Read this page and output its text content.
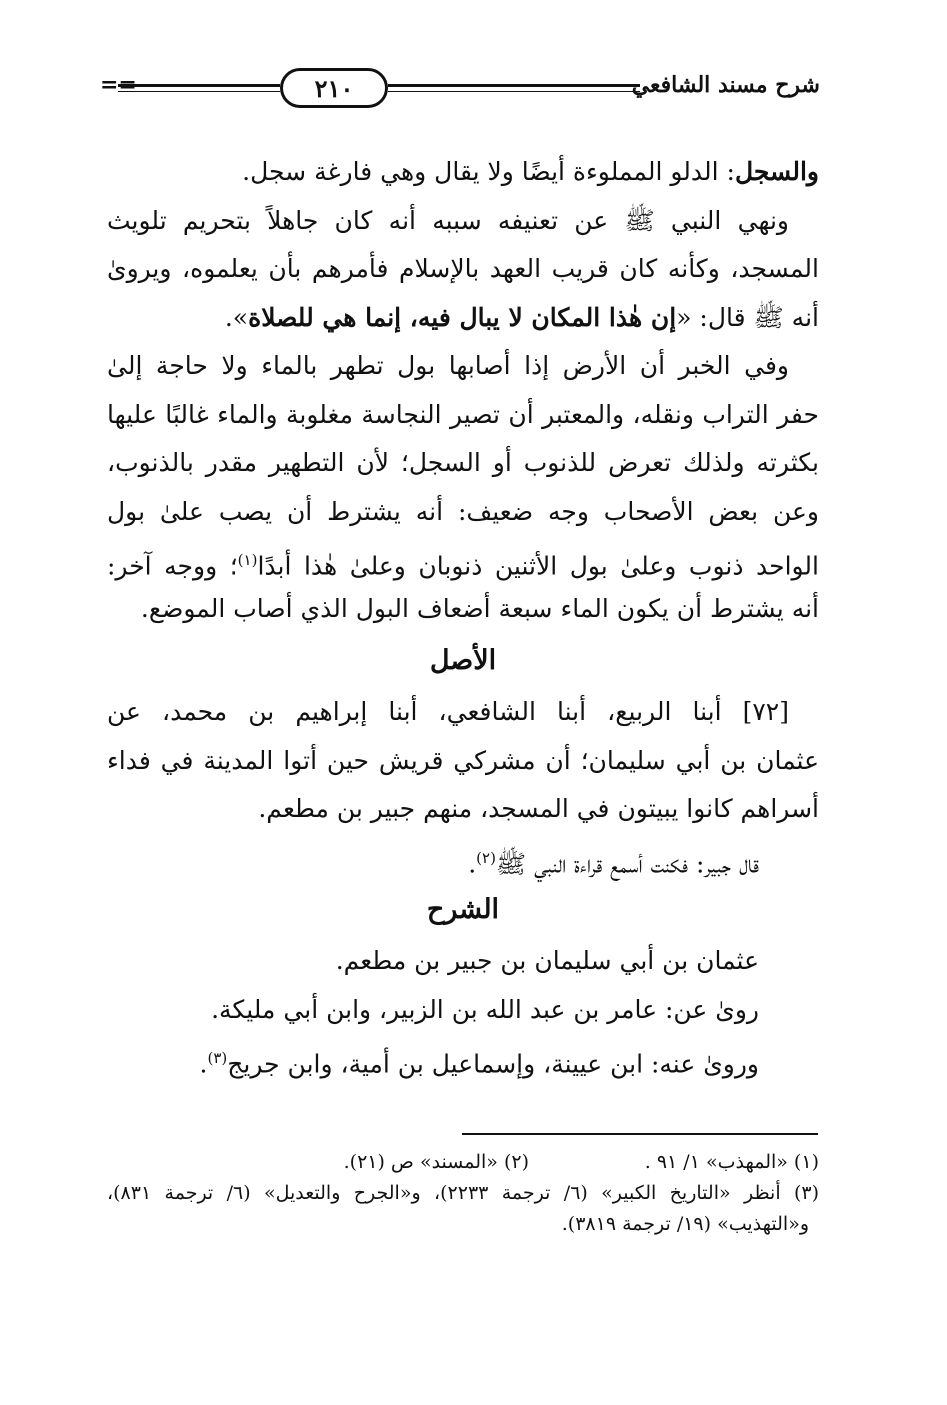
٢١٠	شرح مسند الشافعي
==
والسجل: الدلو المملوءة أيضًا ولا يقال وهي فارغة سجل.
ونهي النبي ﷺ عن تعنيفه سببه أنه كان جاهلاً بتحريم تلويث
المسجد، وكأنه كان قريب العهد بالإسلام فأمرهم بأن يعلموه، ويروىٰ
أنه ﷺ قال: «إن هٰذا المكان لا يبال فيه، إنما هي للصلاة».
وفي الخبر أن الأرض إذا أصابها بول تطهر بالماء ولا حاجة إلىٰ
حفر التراب ونقله، والمعتبر أن تصير النجاسة مغلوبة والماء غالبًا عليها
بكثرته ولذلك تعرض للذنوب أو السجل؛ لأن التطهير مقدر بالذنوب،
وعن بعض الأصحاب وجه ضعيف: أنه يشترط أن يصب علىٰ بول
الواحد ذنوب وعلىٰ بول الأثنين ذنوبان وعلىٰ هٰذا أبدًا$^{(١)}$؛ ووجه آخر:
أنه يشترط أن يكون الماء سبعة أضعاف البول الذي أصاب الموضع.
الأصل
[٧٢] أبنا الربيع، أبنا الشافعي، أبنا إبراهيم بن محمد، عن
عثمان بن أبي سليمان؛ أن مشركي قريش حين أتوا المدينة في فداء
أسراهم كانوا يبيتون في المسجد، منهم جبير بن مطعم.
قال جبير: فكنت أسمع قراءة النبي ﷺ$^{(٢)}$.
الشرح
عثمان بن أبي سليمان بن جبير بن مطعم.
روىٰ عن: عامر بن عبد الله بن الزبير، وابن أبي مليكة.
وروىٰ عنه: ابن عيينة، وإسماعيل بن أمية، وابن جريج$^{(٣)}$.
(١) «المهذب» ١/ ٩١ .(٢) «المسند» ص (٢١).
(٣) أنظر «التاريخ الكبير» (٦/ ترجمة ٢٢٣٣)، و«الجرح والتعديل» (٦/ ترجمة ٨٣١)،
و«التهذيب» (١٩/ ترجمة ٣٨١٩).
